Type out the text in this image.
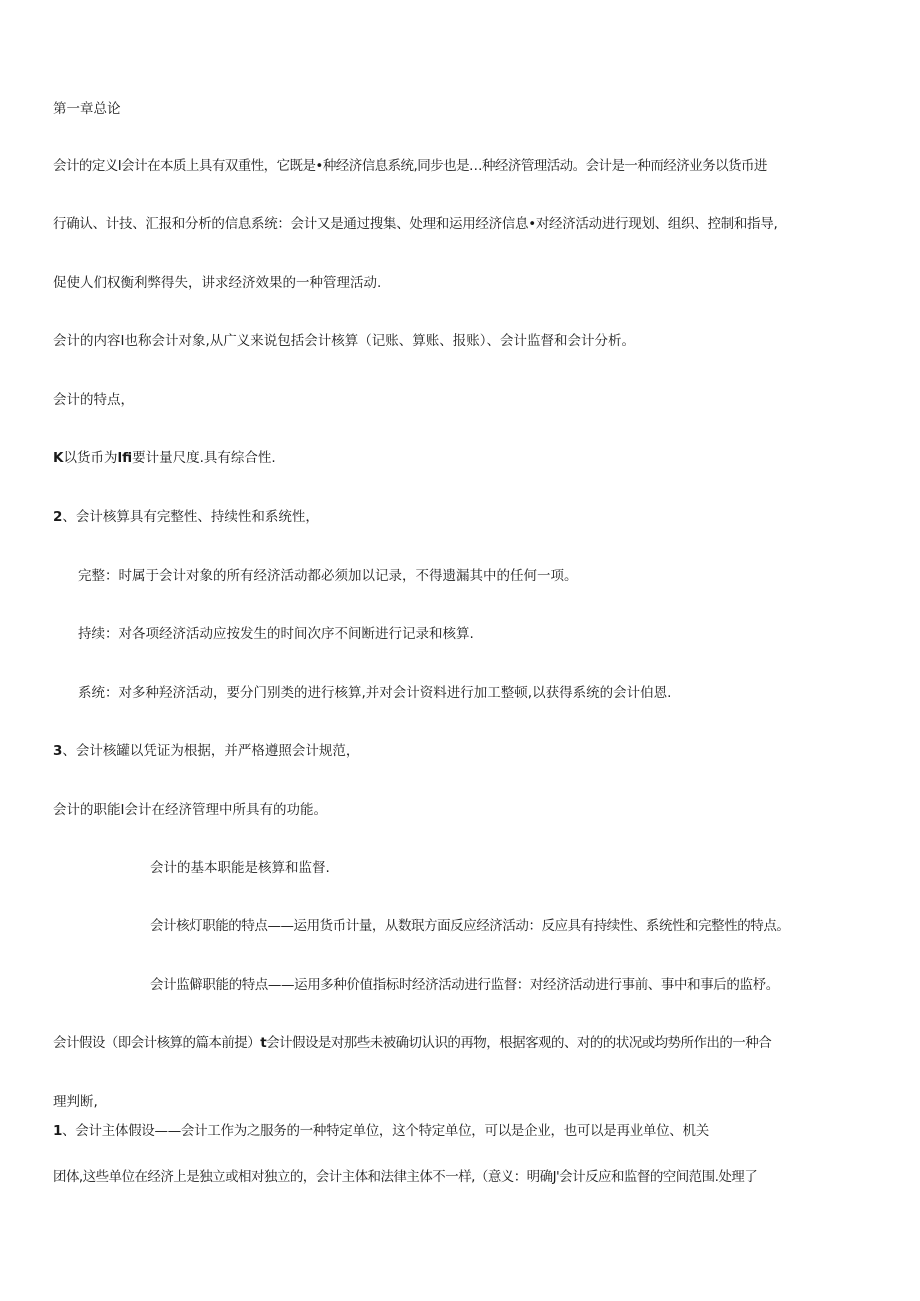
第一章总论
会计的定义I会计在本质上具有双重性，它既是•种经济信息系统,同步也是…种经济管理活动。会计是一种而经济业务以货币进
行确认、计技、汇报和分析的信息系统：会计又是通过搜集、处理和运用经济信息•对经济活动进行现划、组织、控制和指导,
促使人们权衡利弊得失，讲求经济效果的一种管理活动.
会计的内容I也称会计对象,从广义来说包括会计核算（记账、算账、报账）、会计监督和会计分析。
会计的特点，
K以货币为lfi要计量尺度.具有综合性.
2、会计核算具有完整性、持续性和系统性，
完整：时属于会计对象的所有经济活动都必须加以记录，不得遗漏其中的任何一项。
持续：对各项经济活动应按发生的时间次序不间断进行记录和核算.
系统：对多种羟济活动，要分门别类的进行核算,并对会计资料进行加工整顿,以获得系统的会计伯恩.
3、会计核罐以凭证为根据，并严格遵照会计规范，
会计的职能I会计在经济管理中所具有的功能。
会计的基本职能是核算和监督.
会计核灯职能的特点——运用货币计量，从数珉方面反应经济活动：反应具有持续性、系统性和完整性的特点。
会计监僻职能的特点——运用多种价值指标时经济活动进行监督：对经济活动进行事前、事中和事后的监杼。
会计假设（即会计核算的篇本前提）t会计假设是对那些未被确切认识的再物，根据客观的、对的的状况或均势所作出的一种合
理判断,
1、会计主体假设——会计工作为之服务的一种特定单位，这个特定单位，可以是企业，也可以是再业单位、机关
团体,这些单位在经济上是独立或相对独立的，会计主体和法律主体不一样,（意义：明确J'会计反应和监督的空间范围.处理了
